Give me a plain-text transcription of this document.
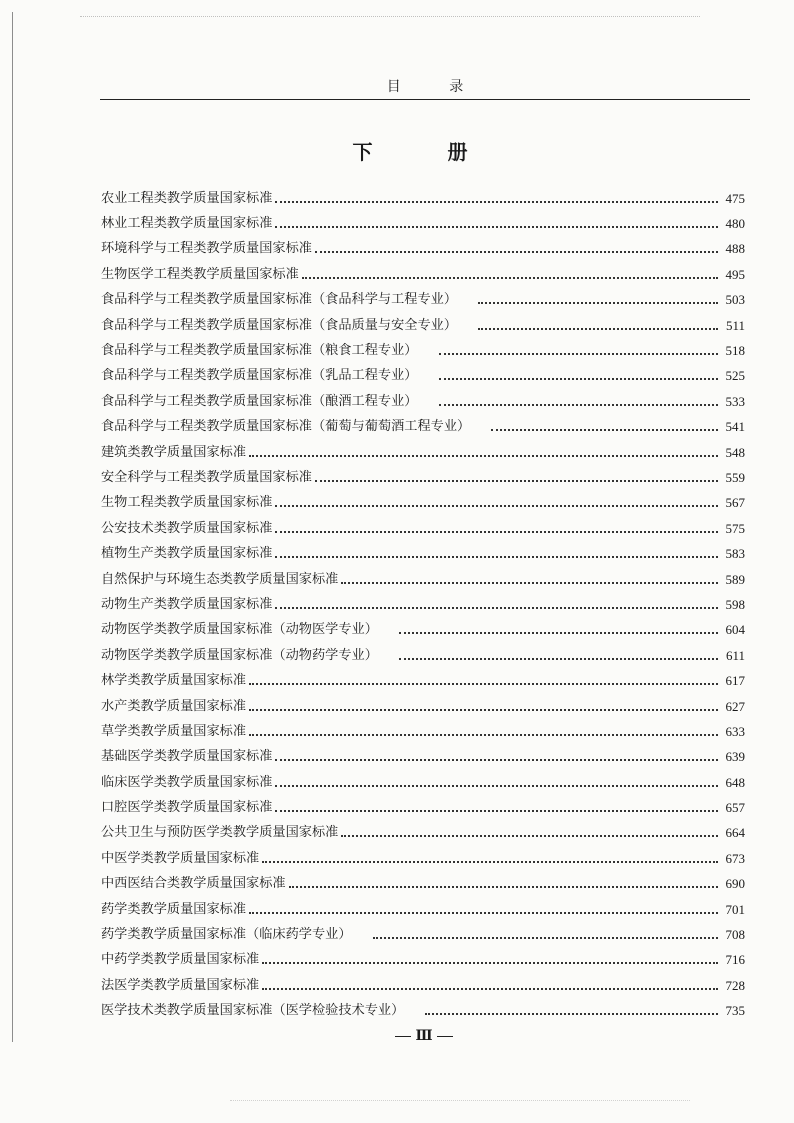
目 录
下 册
农业工程类教学质量国家标准	475
林业工程类教学质量国家标准	480
环境科学与工程类教学质量国家标准	488
生物医学工程类教学质量国家标准	495
食品科学与工程类教学质量国家标准（食品科学与工程专业）	503
食品科学与工程类教学质量国家标准（食品质量与安全专业）	511
食品科学与工程类教学质量国家标准（粮食工程专业）	518
食品科学与工程类教学质量国家标准（乳品工程专业）	525
食品科学与工程类教学质量国家标准（酿酒工程专业）	533
食品科学与工程类教学质量国家标准（葡萄与葡萄酒工程专业）	541
建筑类教学质量国家标准	548
安全科学与工程类教学质量国家标准	559
生物工程类教学质量国家标准	567
公安技术类教学质量国家标准	575
植物生产类教学质量国家标准	583
自然保护与环境生态类教学质量国家标准	589
动物生产类教学质量国家标准	598
动物医学类教学质量国家标准（动物医学专业）	604
动物医学类教学质量国家标准（动物药学专业）	611
林学类教学质量国家标准	617
水产类教学质量国家标准	627
草学类教学质量国家标准	633
基础医学类教学质量国家标准	639
临床医学类教学质量国家标准	648
口腔医学类教学质量国家标准	657
公共卫生与预防医学类教学质量国家标准	664
中医学类教学质量国家标准	673
中西医结合类教学质量国家标准	690
药学类教学质量国家标准	701
药学类教学质量国家标准（临床药学专业）	708
中药学类教学质量国家标准	716
法医学类教学质量国家标准	728
医学技术类教学质量国家标准（医学检验技术专业）	735
Ⅲ
